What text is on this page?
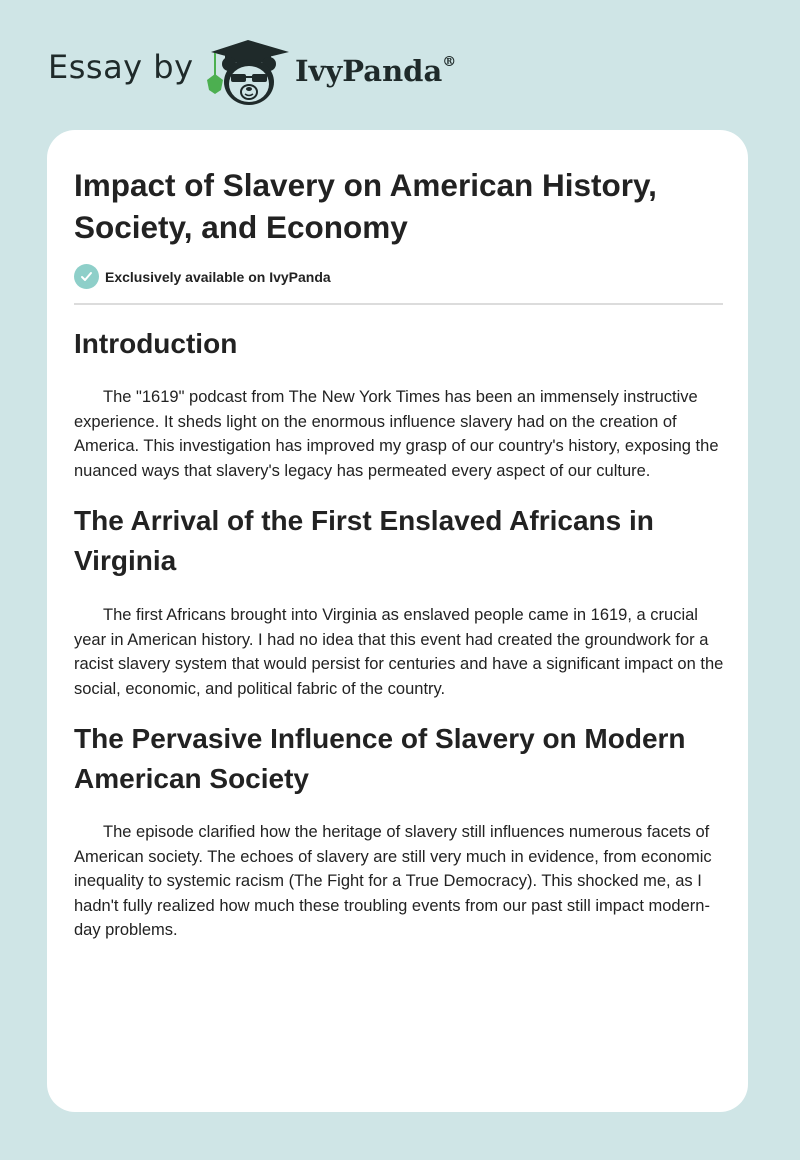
Essay by	IvyPanda®
Impact of Slavery on American History, Society, and Economy
Exclusively available on IvyPanda
Introduction

The "1619" podcast from The New York Times has been an immensely instructive experience. It sheds light on the enormous influence slavery had on the creation of America. This investigation has improved my grasp of our country's history, exposing the nuanced ways that slavery's legacy has permeated every aspect of our culture.

The Arrival of the First Enslaved Africans in Virginia

The first Africans brought into Virginia as enslaved people came in 1619, a crucial year in American history. I had no idea that this event had created the groundwork for a racist slavery system that would persist for centuries and have a significant impact on the social, economic, and political fabric of the country.

The Pervasive Influence of Slavery on Modern American Society

The episode clarified how the heritage of slavery still influences numerous facets of American society. The echoes of slavery are still very much in evidence, from economic inequality to systemic racism (The Fight for a True Democracy). This shocked me, as I hadn't fully realized how much these troubling events from our past still impact modern-day problems.
